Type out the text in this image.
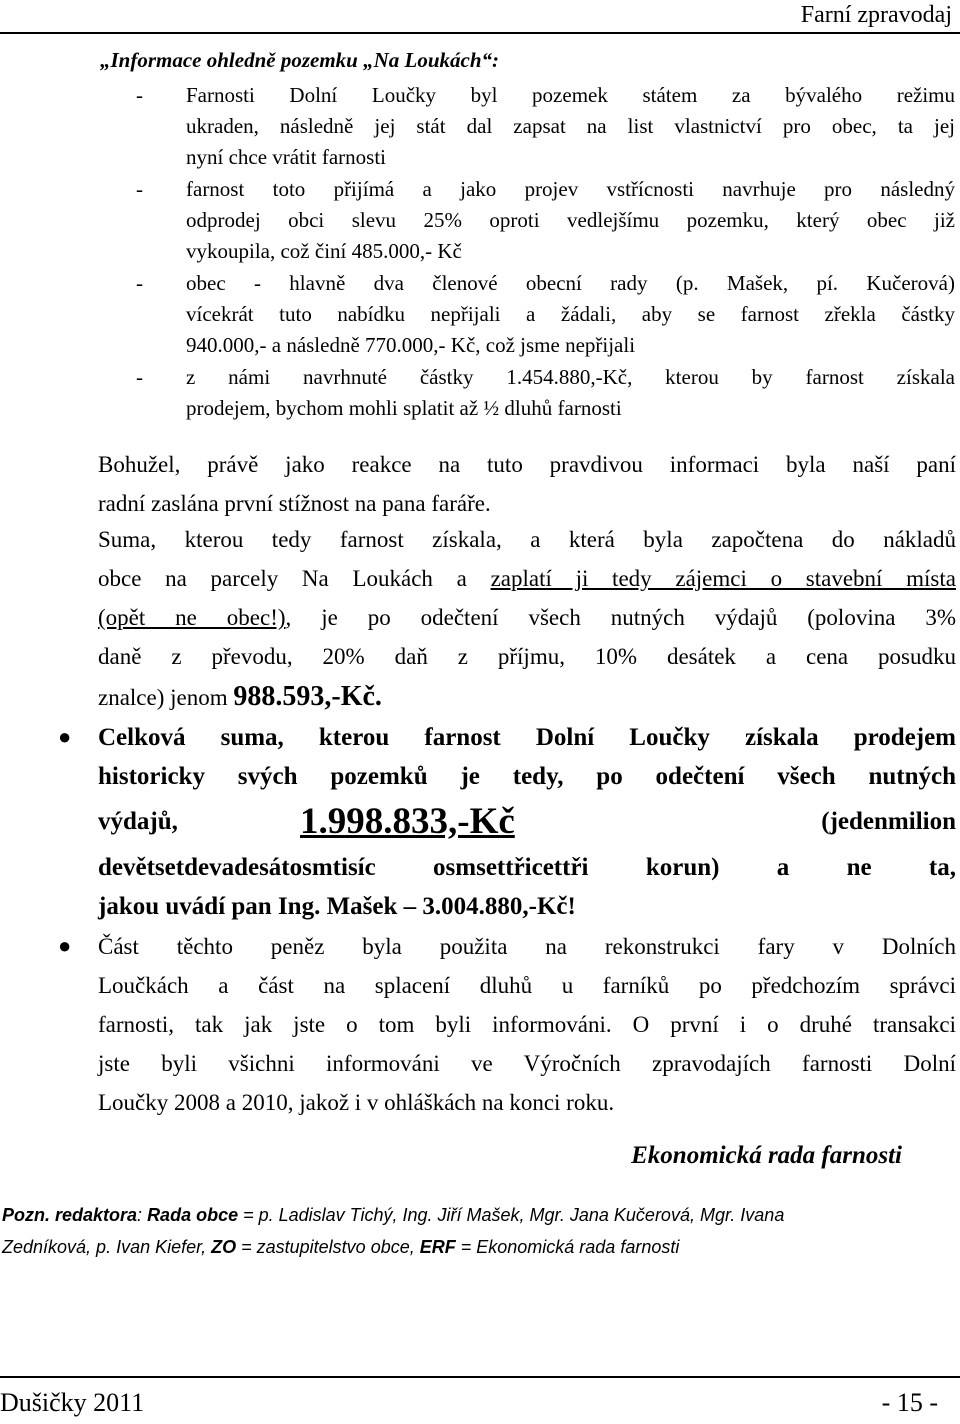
Farní zpravodaj
„Informace ohledně pozemku „Na Loukách“:
- Farnosti Dolní Loučky byl pozemek státem za bývalého režimu
ukraden, následně jej stát dal zapsat na list vlastnictví pro obec, ta jej
nyní chce vrátit farnosti
- farnost toto přijímá a jako projev vstřícnosti navrhuje pro následný
odprodej obci slevu 25% oproti vedlejšímu pozemku, který obec již
vykoupila, což činí 485.000,- Kč
- obec - hlavně dva členové obecní rady (p. Mašek, pí. Kučerová)
vícekrát tuto nabídku nepřijali a žádali, aby se farnost zřekla částky
940.000,- a následně 770.000,- Kč, což jsme nepřijali
- z námi navrhnuté částky 1.454.880,-Kč, kterou by farnost získala
prodejem, bychom mohli splatit až ½ dluhů farnosti
Bohužel, právě jako reakce na tuto pravdivou informaci byla naší paní
radní zaslána první stížnost na pana faráře.
Suma, kterou tedy farnost získala, a která byla započtena do nákladů
obce na parcely Na Loukách a zaplatí ji tedy zájemci o stavební místa
(opět ne obec!), je po odečtení všech nutných výdajů (polovina 3%
daně z převodu, 20% daň z příjmu, 10% desátek a cena posudku
znalce) jenom 988.593,-Kč.
● Celková suma, kterou farnost Dolní Loučky získala prodejem
historicky svých pozemků je tedy, po odečtení všech nutných
výdajů,	1.998.833,-Kč	(jedenmilion
devětsetdevadesátosmtisíc osmsettřicettři korun) a ne ta,
jakou uvádí pan Ing. Mašek – 3.004.880,-Kč!
● Část těchto peněz byla použita na rekonstrukci fary v Dolních
Loučkách a část na splacení dluhů u farníků po předchozím správci
farnosti, tak jak jste o tom byli informováni. O první i o druhé transakci
jste byli všichni informováni ve Výročních zpravodajích farnosti Dolní
Loučky 2008 a 2010, jakož i v ohláškách na konci roku.
Ekonomická rada farnosti
Pozn. redaktora: Rada obce = p. Ladislav Tichý, Ing. Jiří Mašek, Mgr. Jana Kučerová, Mgr. Ivana
Zedníková, p. Ivan Kiefer, ZO = zastupitelstvo obce, ERF = Ekonomická rada farnosti
Dušičky 2011	- 15 -
